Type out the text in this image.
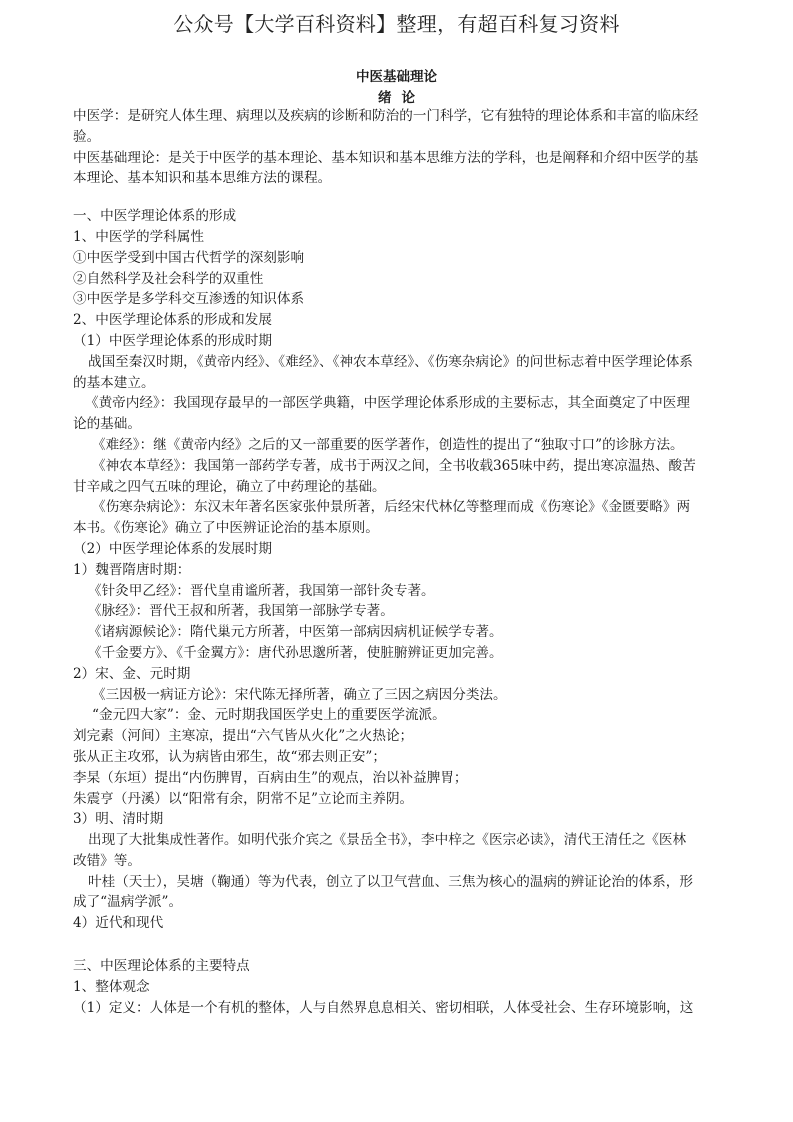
公众号【大学百科资料】整理，有超百科复习资料
中医基础理论
绪论
中医学：是研究人体生理、病理以及疾病的诊断和防治的一门科学，它有独特的理论体系和丰富的临床经
验。
中医基础理论：是关于中医学的基本理论、基本知识和基本思维方法的学科，也是阐释和介绍中医学的基
本理论、基本知识和基本思维方法的课程。
一、中医学理论体系的形成
1、中医学的学科属性
①中医学受到中国古代哲学的深刻影响
②自然科学及社会科学的双重性
③中医学是多学科交互渗透的知识体系
2、中医学理论体系的形成和发展
（1）中医学理论体系的形成时期
战国至秦汉时期，《黄帝内经》、《难经》、《神农本草经》、《伤寒杂病论》的问世标志着中医学理论体系
的基本建立。
《黄帝内经》：我国现存最早的一部医学典籍，中医学理论体系形成的主要标志，其全面奠定了中医理
论的基础。
《难经》：继《黄帝内经》之后的又一部重要的医学著作，创造性的提出了“独取寸口”的诊脉方法。
《神农本草经》：我国第一部药学专著，成书于两汉之间，全书收载365味中药，提出寒凉温热、酸苦
甘辛咸之四气五味的理论，确立了中药理论的基础。
《伤寒杂病论》：东汉末年著名医家张仲景所著，后经宋代林亿等整理而成《伤寒论》《金匮要略》两
本书。《伤寒论》确立了中医辨证论治的基本原则。
（2）中医学理论体系的发展时期
1）魏晋隋唐时期：
《针灸甲乙经》：晋代皇甫谧所著，我国第一部针灸专著。
《脉经》：晋代王叔和所著，我国第一部脉学专著。
《诸病源候论》：隋代巢元方所著，中医第一部病因病机证候学专著。
《千金要方》、《千金翼方》：唐代孙思邈所著，使脏腑辨证更加完善。
2）宋、金、元时期
《三因极一病证方论》：宋代陈无择所著，确立了三因之病因分类法。
“金元四大家”：金、元时期我国医学史上的重要医学流派。
刘完素（河间）主寒凉，提出“六气皆从火化”之火热论；
张从正主攻邪，认为病皆由邪生，故“邪去则正安”；
李杲（东垣）提出“内伤脾胃，百病由生”的观点，治以补益脾胃；
朱震亨（丹溪）以“阳常有余，阴常不足”立论而主养阴。
3）明、清时期
出现了大批集成性著作。如明代张介宾之《景岳全书》，李中梓之《医宗必读》，清代王清任之《医林
改错》等。
叶桂（天士），吴塘（鞠通）等为代表，创立了以卫气营血、三焦为核心的温病的辨证论治的体系，形
成了“温病学派”。
4）近代和现代
三、中医理论体系的主要特点
1、整体观念
（1）定义：人体是一个有机的整体，人与自然界息息相关、密切相联，人体受社会、生存环境影响，这
